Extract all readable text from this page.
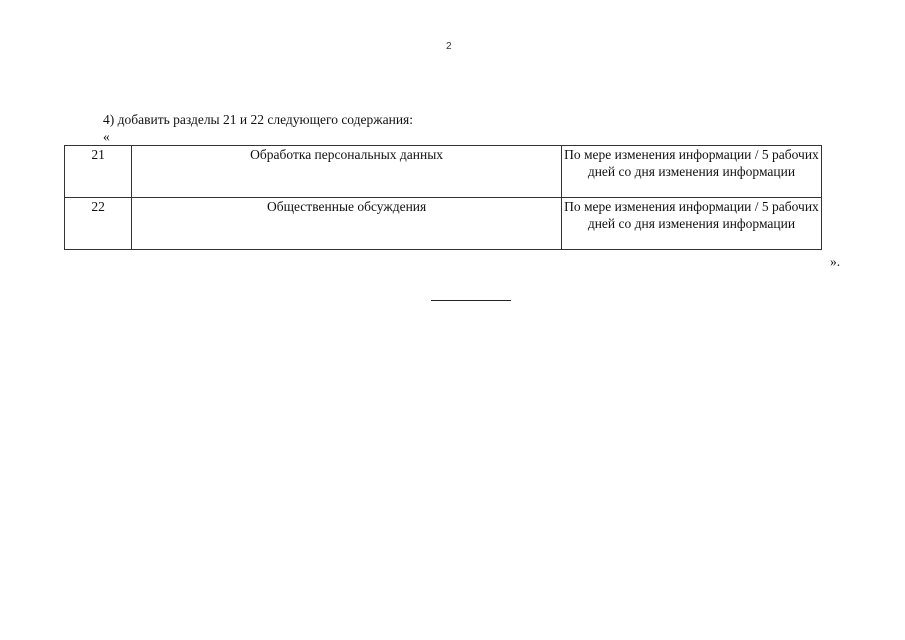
2
4) добавить разделы 21 и 22 следующего содержания:
«
21	Обработка персональных данных	По мере изменения информации / 5 рабочих дней со дня изменения информации
22	Общественные обсуждения	По мере изменения информации / 5 рабочих дней со дня изменения информации
».
